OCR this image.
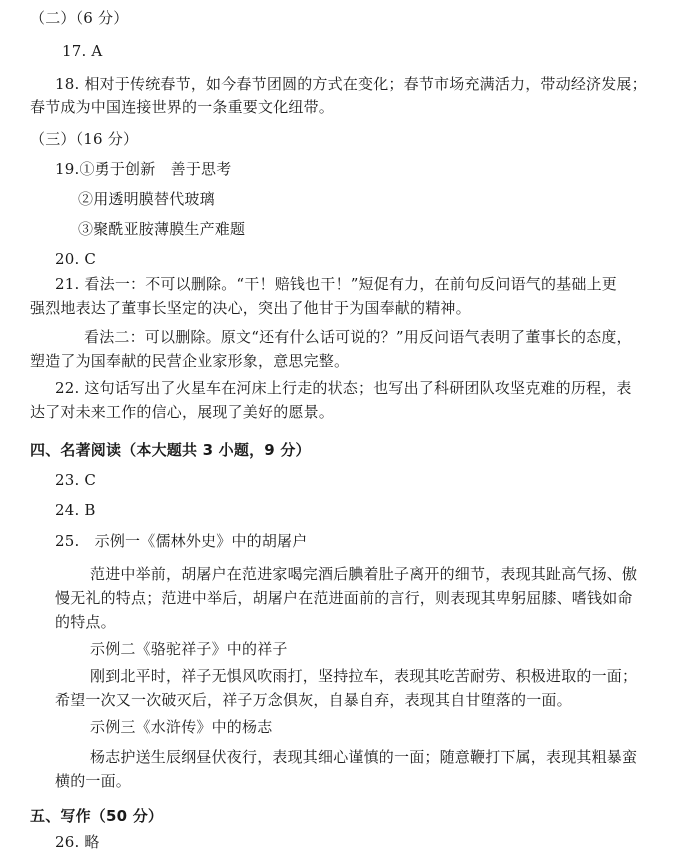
（二）（6 分）
17. A
18. 相对于传统春节，如今春节团圆的方式在变化；春节市场充满活力，带动经济发展；
春节成为中国连接世界的一条重要文化纽带。
（三）（16 分）
19.①勇于创新　善于思考
②用透明膜替代玻璃
③聚酰亚胺薄膜生产难题
20. C
21. 看法一：不可以删除。“干！赔钱也干！”短促有力，在前句反问语气的基础上更
强烈地表达了董事长坚定的决心，突出了他甘于为国奉献的精神。
看法二：可以删除。原文“还有什么话可说的？”用反问语气表明了董事长的态度，
塑造了为国奉献的民营企业家形象，意思完整。
22. 这句话写出了火星车在河床上行走的状态；也写出了科研团队攻坚克难的历程，表
达了对未来工作的信心，展现了美好的愿景。
四、名著阅读（本大题共 3 小题，9 分）
23. C
24. B
25.　示例一《儒林外史》中的胡屠户
范进中举前，胡屠户在范进家喝完酒后腆着肚子离开的细节，表现其趾高气扬、傲
慢无礼的特点；范进中举后，胡屠户在范进面前的言行，则表现其卑躬屈膝、嗜钱如命
的特点。
示例二《骆驼祥子》中的祥子
刚到北平时，祥子无惧风吹雨打，坚持拉车，表现其吃苦耐劳、积极进取的一面；
希望一次又一次破灭后，祥子万念俱灰，自暴自弃，表现其自甘堕落的一面。
示例三《水浒传》中的杨志
杨志护送生辰纲昼伏夜行，表现其细心谨慎的一面；随意鞭打下属，表现其粗暴蛮
横的一面。
五、写作（50 分）
26. 略
